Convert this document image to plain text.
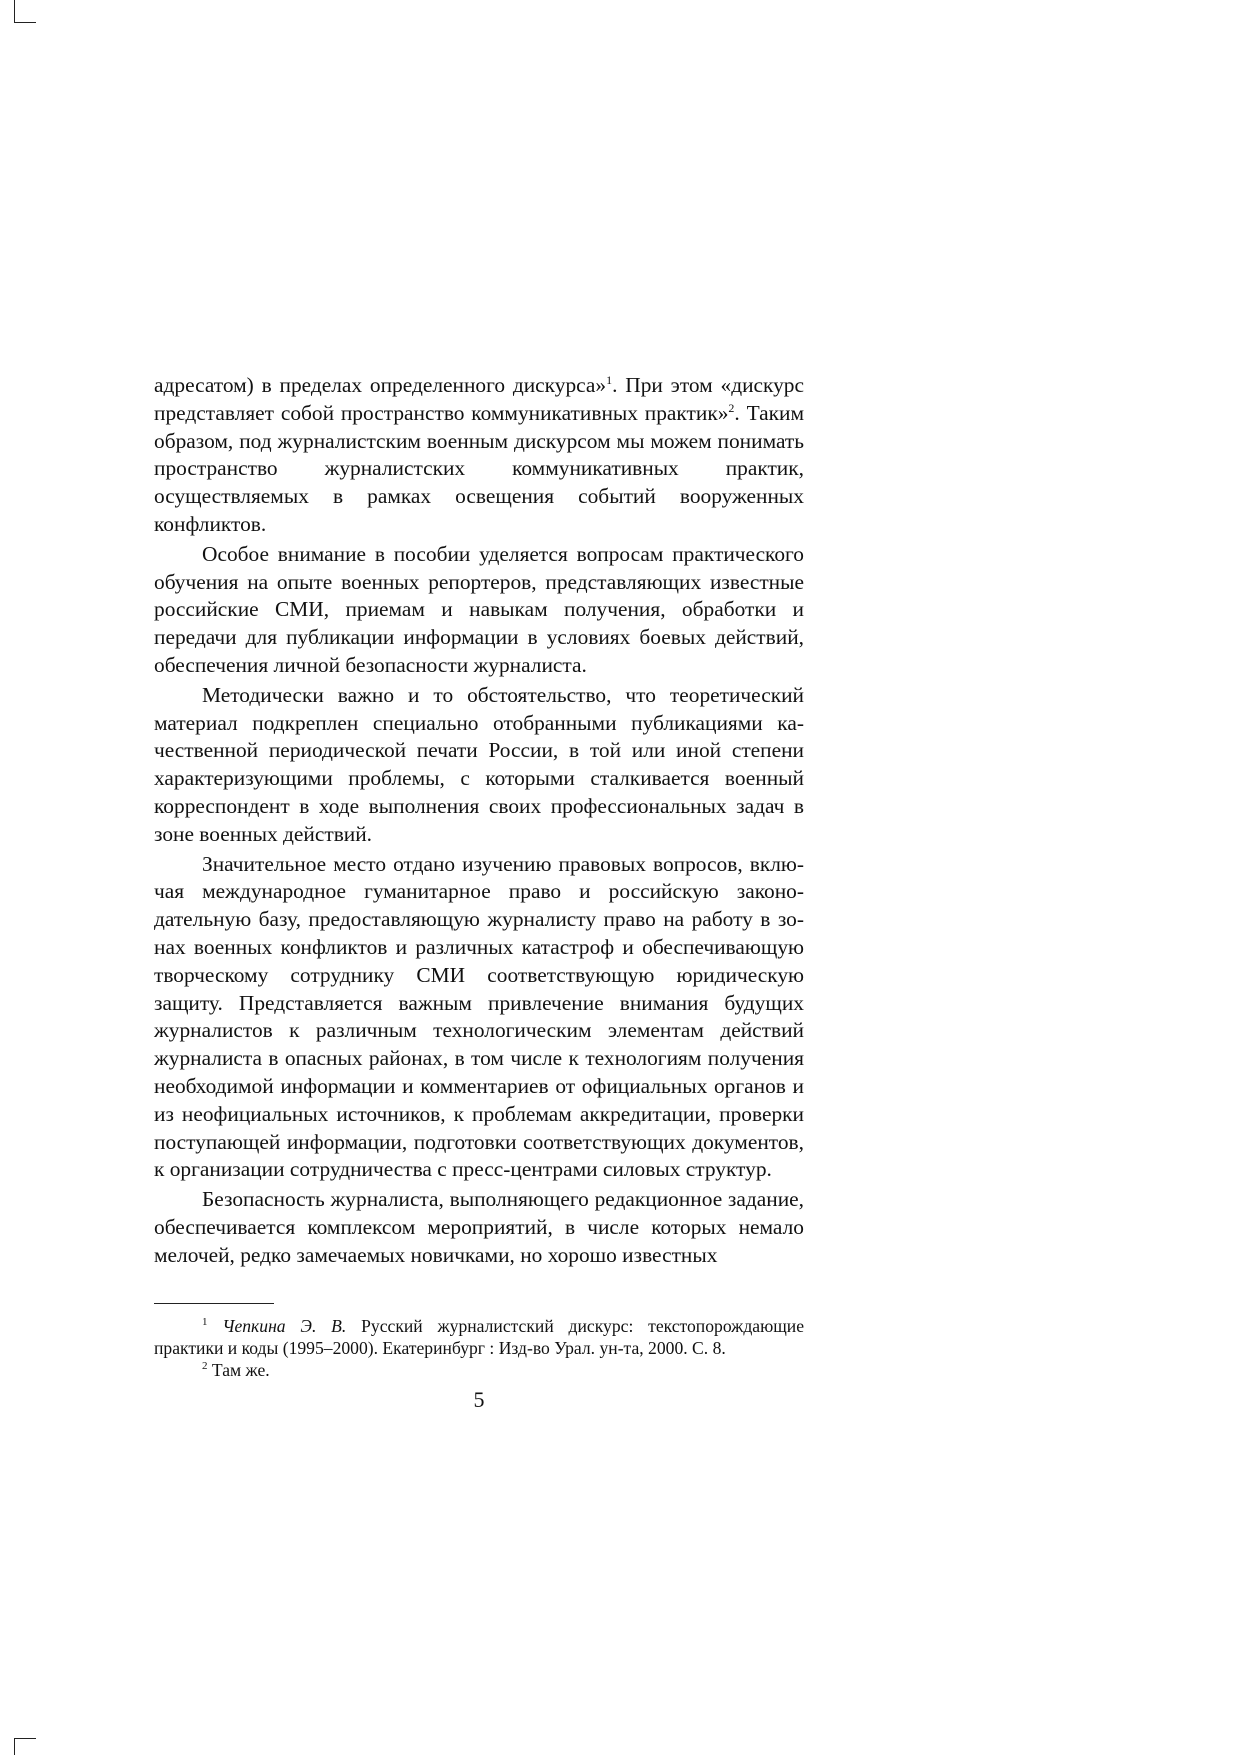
адресатом) в пределах определенного дискурса»$^1$. При этом «дискурс представляет собой пространство коммуникативных практик»$^2$. Таким образом, под журналистским военным дискурсом мы можем понимать пространство журналистских коммуникативных практик, осуществляемых в рамках освещения событий вооруженных конфликтов.

Особое внимание в пособии уделяется вопросам практического обучения на опыте военных репортеров, представляющих известные российские СМИ, приемам и навыкам получения, обработки и передачи для публикации информации в условиях боевых действий, обеспечения личной безопасности журналиста.

Методически важно и то обстоятельство, что теоретический материал подкреплен специально отобранными публикациями качественной периодической печати России, в той или иной степени характеризующими проблемы, с которыми сталкивается военный корреспондент в ходе выполнения своих профессиональных задач в зоне военных действий.

Значительное место отдано изучению правовых вопросов, включая международное гуманитарное право и российскую законодательную базу, предоставляющую журналисту право на работу в зонах военных конфликтов и различных катастроф и обеспечивающую творческому сотруднику СМИ соответствующую юридическую защиту. Представляется важным привлечение внимания будущих журналистов к различным технологическим элементам действий журналиста в опасных районах, в том числе к технологиям получения необходимой информации и комментариев от официальных органов и из неофициальных источников, к проблемам аккредитации, проверки поступающей информации, подготовки соответствующих документов, к организации сотрудничества с пресс-центрами силовых структур.

Безопасность журналиста, выполняющего редакционное задание, обеспечивается комплексом мероприятий, в числе которых немало мелочей, редко замечаемых новичками, но хорошо известных

$^1$ Чепкина Э. В. Русский журналистский дискурс: текстопорождающие практики и коды (1995–2000). Екатеринбург : Изд-во Урал. ун-та, 2000. С. 8.

$^2$ Там же.

5
